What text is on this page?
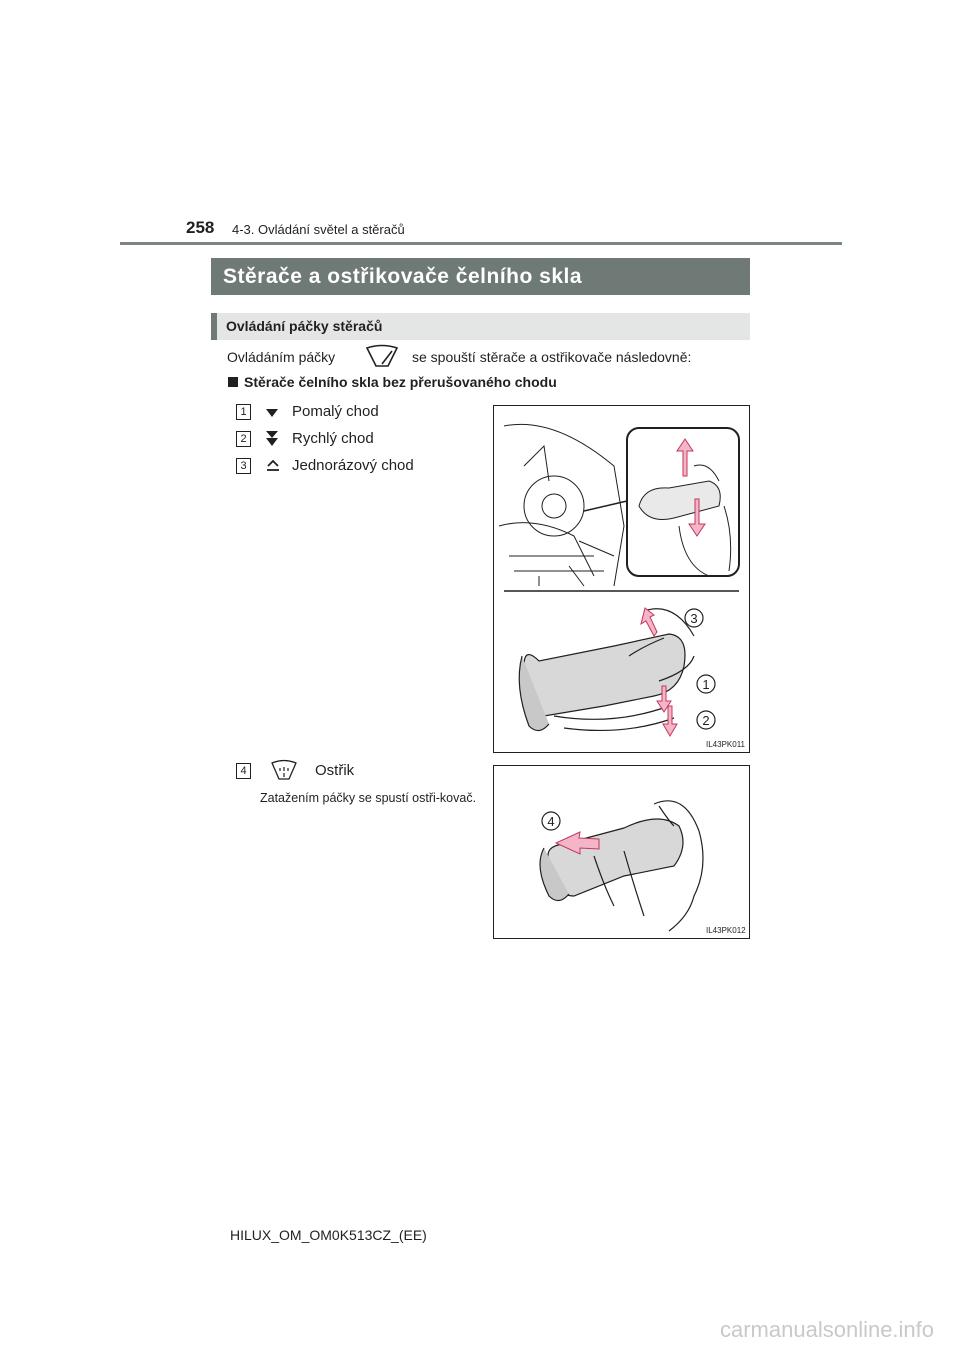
258 4-3. Ovládání světel a stěračů
Stěrače a ostřikovače čelního skla
Ovládání páčky stěračů
Ovládáním páčky	se spouští stěrače a ostřikovače následovně:
Stěrače čelního skla bez přerušovaného chodu
1	Pomalý chod
2	Rychlý chod
3	Jednorázový chod
3
1
2
IL43PK011
4	Ostřik
Zatažením páčky se spustí ostři-kovač.
4
IL43PK012
HILUX_OM_OM0K513CZ_(EE)
carmanualsonline.info
